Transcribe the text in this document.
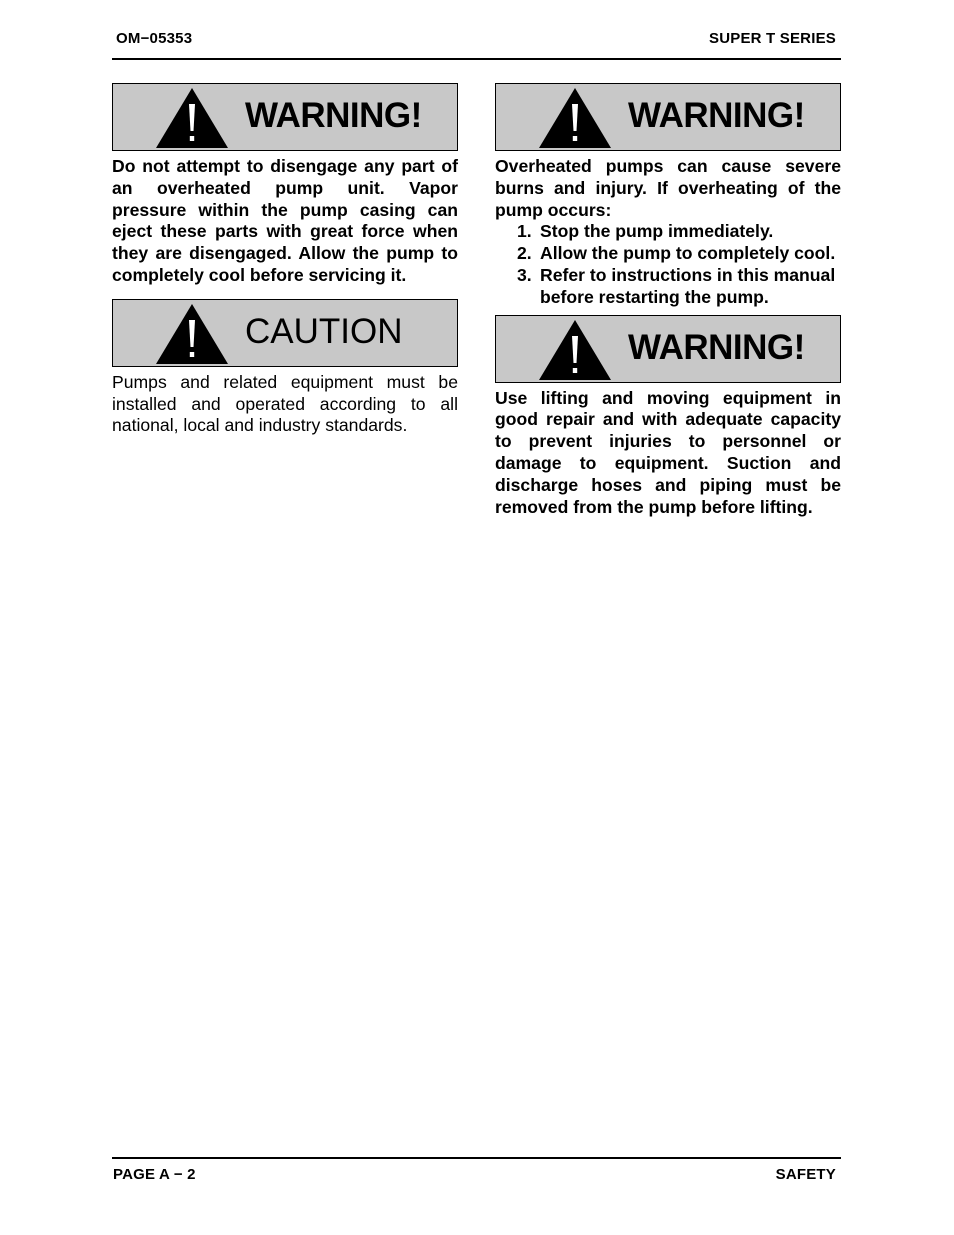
OM−05353	SUPER T SERIES
WARNING!

Do not attempt to disengage any part of an overheated pump unit. Vapor pressure within the pump casing can eject these parts with great force when they are disengaged. Allow the pump to completely cool before servicing it.

CAUTION

Pumps and related equipment must be installed and operated according to all national, local and industry standards.

WARNING!

Overheated pumps can cause severe burns and injury. If overheating of the pump occurs:

1. Stop the pump immediately.
2. Allow the pump to completely cool.
3. Refer to instructions in this manual before restarting the pump.
WARNING!

Use lifting and moving equipment in good repair and with adequate capacity to prevent injuries to personnel or damage to equipment. Suction and discharge hoses and piping must be removed from the pump before lifting.

PAGE A − 2	SAFETY
